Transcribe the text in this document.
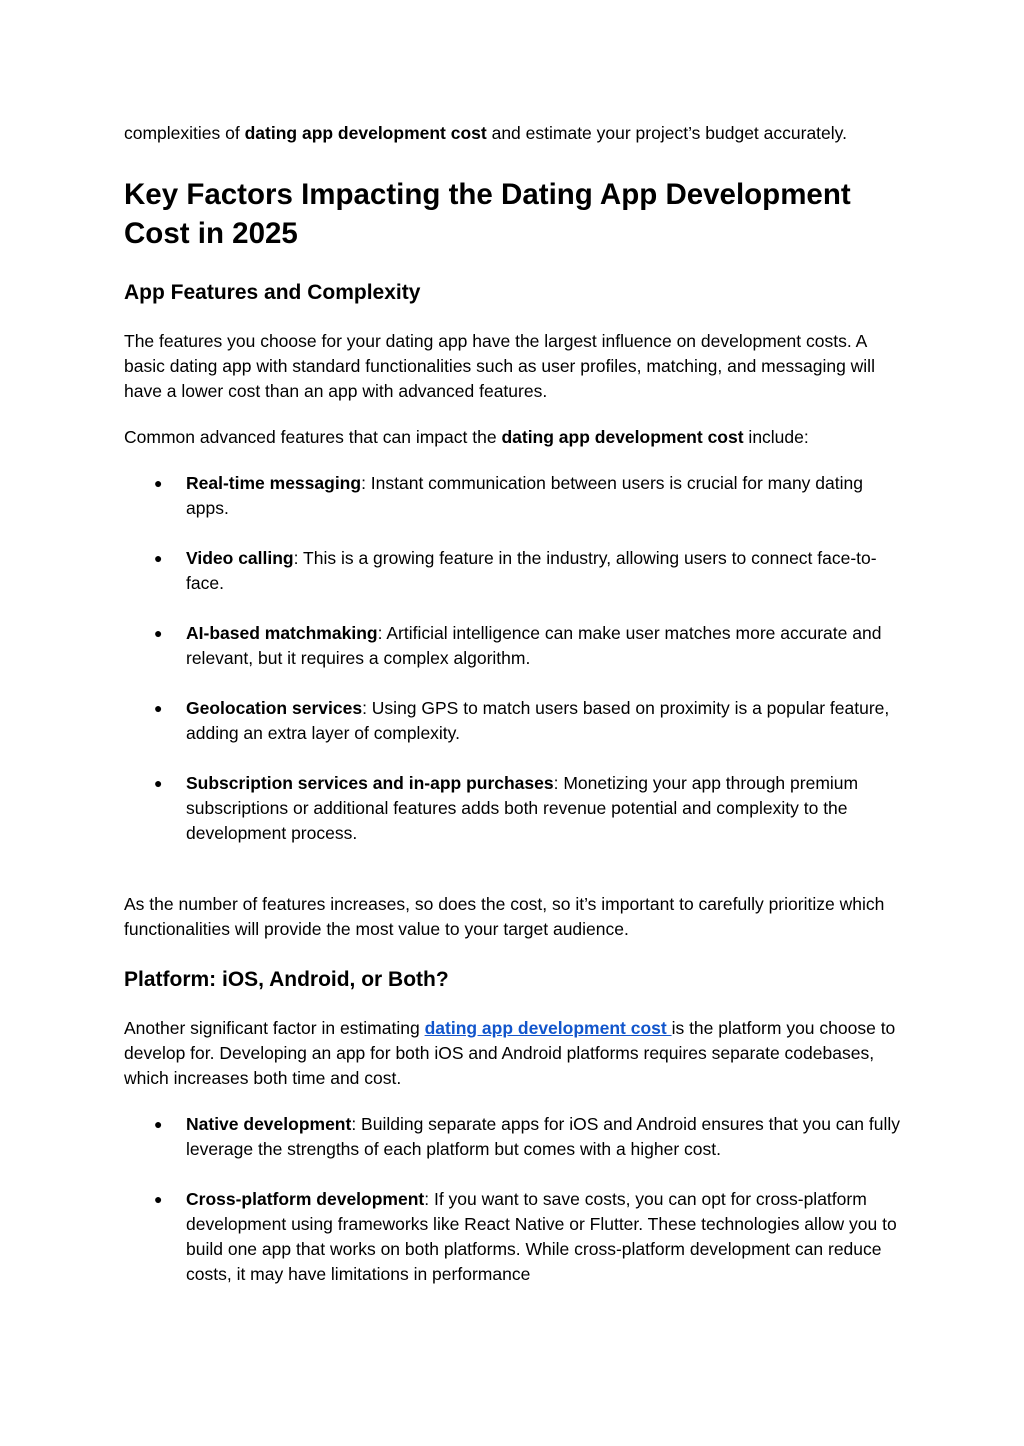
complexities of dating app development cost and estimate your project’s budget accurately.

Key Factors Impacting the Dating App Development Cost in 2025
App Features and Complexity

The features you choose for your dating app have the largest influence on development costs. A basic dating app with standard functionalities such as user profiles, matching, and messaging will have a lower cost than an app with advanced features.

Common advanced features that can impact the dating app development cost include:

● Real-time messaging: Instant communication between users is crucial for many dating apps.
● Video calling: This is a growing feature in the industry, allowing users to connect face-to-face.
● AI-based matchmaking: Artificial intelligence can make user matches more accurate and relevant, but it requires a complex algorithm.
● Geolocation services: Using GPS to match users based on proximity is a popular feature, adding an extra layer of complexity.
● Subscription services and in-app purchases: Monetizing your app through premium subscriptions or additional features adds both revenue potential and complexity to the development process.

As the number of features increases, so does the cost, so it’s important to carefully prioritize which functionalities will provide the most value to your target audience.

Platform: iOS, Android, or Both?

Another significant factor in estimating dating app development cost is the platform you choose to develop for. Developing an app for both iOS and Android platforms requires separate codebases, which increases both time and cost.

● Native development: Building separate apps for iOS and Android ensures that you can fully leverage the strengths of each platform but comes with a higher cost.
● Cross-platform development: If you want to save costs, you can opt for cross-platform development using frameworks like React Native or Flutter. These technologies allow you to build one app that works on both platforms. While cross-platform development can reduce costs, it may have limitations in performance
